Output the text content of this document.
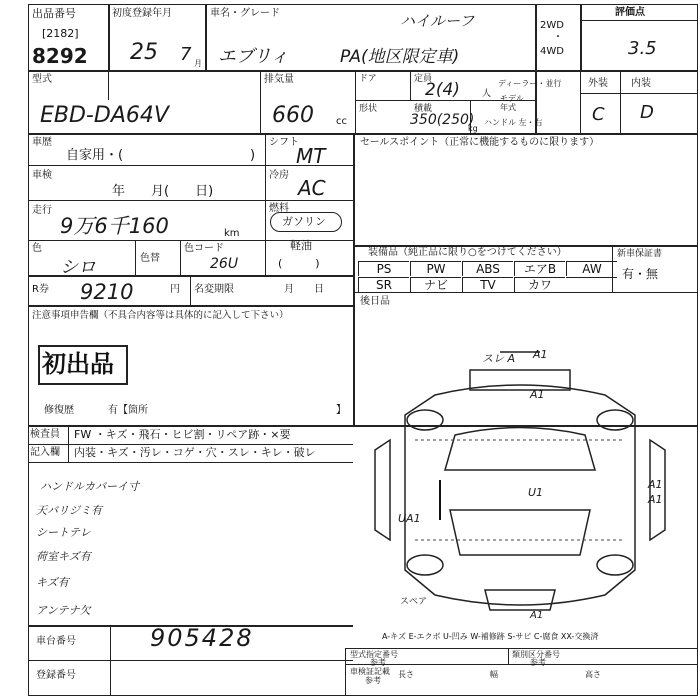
出品番号
[2182]
8292
初度登録年月
25 7 月
車名・グレード	ハイルーフ
エブリィ	PA(地区限定車)
2WD
・
4WD
評価点
3.5
型式
EBD-DA64V
排気量
660 cc
ドア	定員
2(4) 人
ディーラー・並行
モデル年式
外装 内装
C D
形状	積載
350(250)
kg
ハンドル 左・右
車歴
自家用・(	)
シフト
MT
車検
年　　月(　　日)
冷房
AC
走行
9万6千160	km
燃料
ガソリン
軽油
(　　　)
色
シロ	色替
色コード
26U
R券 9210	円 名変期限	月　　日
注意事項申告欄（不具合内容等は具体的に記入して下さい）
初出品
修復歴	有【箇所	】
セールスポイント（正常に機能するものに限ります）
装備品（純正品に限り○をつけてください）	新車保証書
有・無
PS	PW	ABS	エアB	AW
SR	ナビ	TV	カワ
後日品
スレ A A1
A1
U1
A1
A1
UA1
スペア
A1
A-キズ E-エクボ U-凹み W-補修跡 S-サビ C-腐食 XX-交換済
検査員
記入欄
FW ・キズ・飛石・ヒビ割・リペア跡・×要
内装・キズ・汚レ・コゲ・穴・スレ・キレ・破レ
ハンドルカバーイ寸
天バリジミ有
シートテレ
荷室キズ有
キズ有
アンテナ欠
車台番号	905428
登録番号
型式指定番号
参考
類別区分番号
参考
車検証記載
参考
長さ	幅	高さ
